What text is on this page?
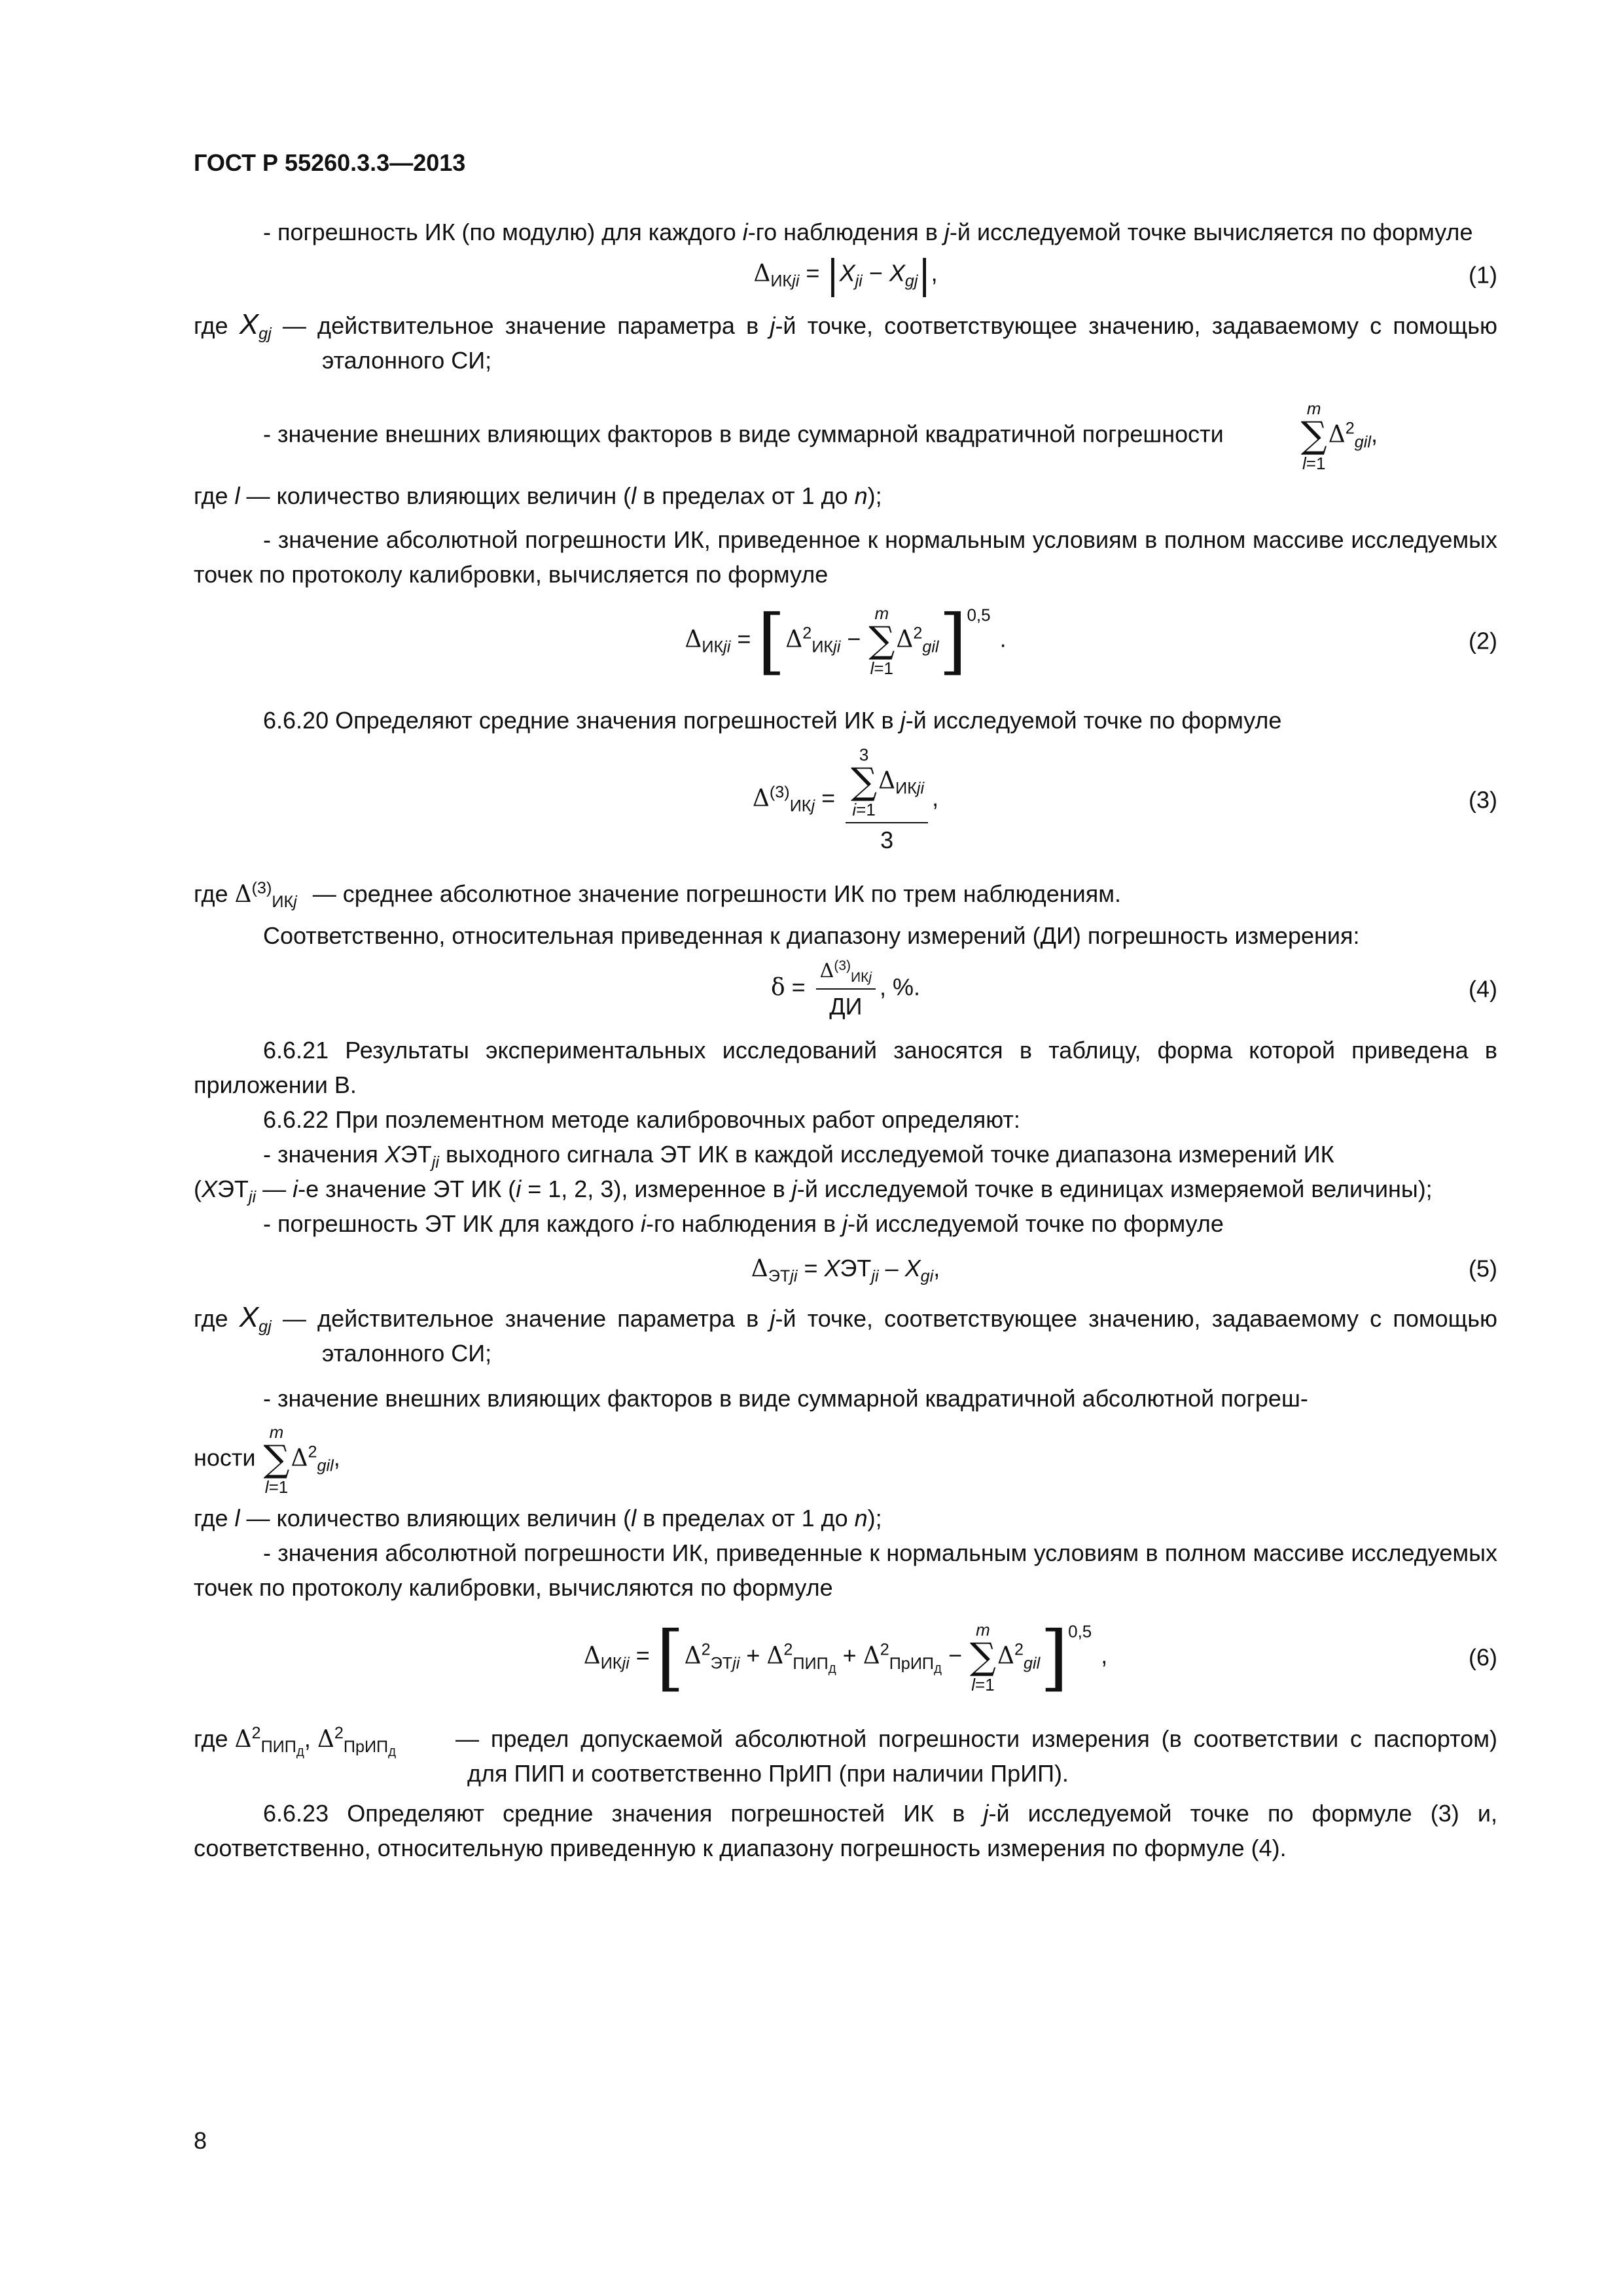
ГОСТ Р 55260.3.3—2013

- погрешность ИК (по модулю) для каждого i-го наблюдения в j-й исследуемой точке вычисляется по формуле

$\Delta_{ИКji} = |X_{ji} - X_{gj}|$,	(1)

где $X_{gj}$ — действительное значение параметра в j-й точке, соответствующее значению, задаваемому с помощью эталонного СИ;

- значение внешних влияющих факторов в виде суммарной квадратичной погрешности
m
∑
l=1
$\Delta^2_{gil}$,

где l — количество влияющих величин (l в пределах от 1 до n);

- значение абсолютной погрешности ИК, приведенное к нормальным условиям в полном массиве исследуемых точек по протоколу калибровки, вычисляется по формуле

$\Delta_{ИКji} = [\Delta^2_{ИКji}$ −
m
∑
l=1
$\Delta^2_{gil}]^{0,5}$.	(2)

6.6.20 Определяют средние значения погрешностей ИК в j-й исследуемой точке по формуле

$\Delta^{(3)}_{ИКj} = 3$
∑
i=1
$\Delta_{ИКji}$
3 ,	(3)

где $\Delta^{(3)}_{ИКj}$ — среднее абсолютное значение погрешности ИК по трем наблюдениям.

Соответственно, относительная приведенная к диапазону измерений (ДИ) погрешность измерения:

$\delta = \frac{\Delta^{(3)}_{ИКj}}{ДИ}$ , %.	(4)

6.6.21 Результаты экспериментальных исследований заносятся в таблицу, форма которой приведена в приложении В.

6.6.22 При поэлементном методе калибровочных работ определяют:

- значения $XЭТ_{ji}$ выходного сигнала ЭТ ИК в каждой исследуемой точке диапазона измерений ИК

($XЭТ_{ji}$ — i-е значение ЭТ ИК (i = 1, 2, 3), измеренное в j-й исследуемой точке в единицах измеряемой величины);

- погрешность ЭТ ИК для каждого i-го наблюдения в j-й исследуемой точке по формуле

$\Delta_{ЭТji} = XЭТ_{ji} - X_{gi}$,	(5)

где $X_{gj}$ — действительное значение параметра в j-й точке, соответствующее значению, задаваемому с помощью эталонного СИ;

- значение внешних влияющих факторов в виде суммарной квадратичной абсолютной погреш-

ности
m
∑
l=1
$\Delta^2_{gil}$,

где l — количество влияющих величин (l в пределах от 1 до n);

- значения абсолютной погрешности ИК, приведенные к нормальным условиям в полном массиве исследуемых точек по протоколу калибровки, вычисляются по формуле

$\Delta_{ИКji} = [\Delta^2_{ЭТji} + \Delta^2_{ПИП_Д} + \Delta^2_{ПрИП_Д}$ −
m
∑
l=1
$\Delta^2_{gil}]^{0,5}$,	(6)
где $\Delta^2_{ПИП_Д}$, $\Delta^2_{ПрИП_Д}$

— предел допускаемой абсолютной погрешности измерения (в соответствии с паспортом) для ПИП и соответственно ПрИП (при наличии ПрИП).

6.6.23 Определяют средние значения погрешностей ИК в j-й исследуемой точке по формуле (3) и, соответственно, относительную приведенную к диапазону погрешность измерения по формуле (4).

8
